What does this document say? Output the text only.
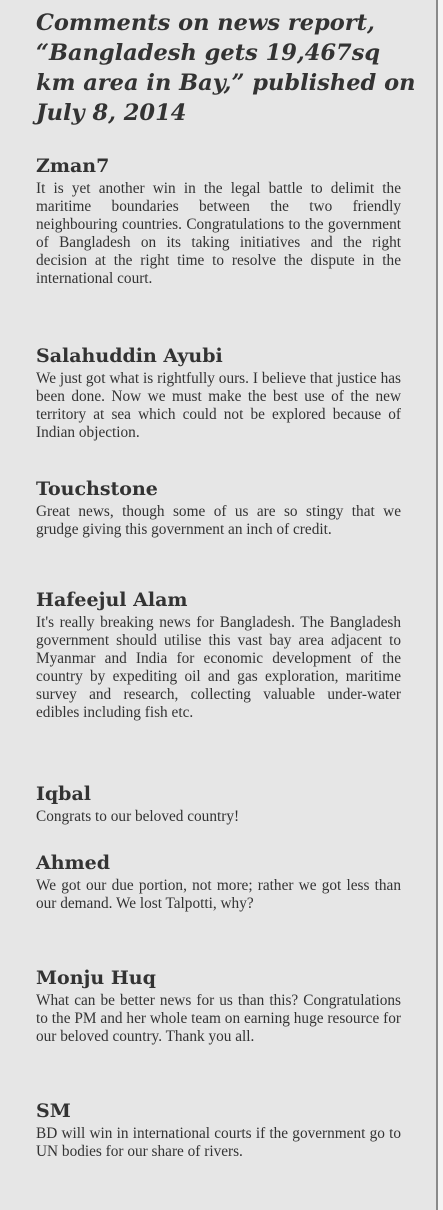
Comments on news report, “Bangladesh gets 19,467sq km area in Bay,” published on July 8, 2014
Zman7

It is yet another win in the legal battle to delimit the maritime boundaries between the two friendly neighbouring countries. Congratulations to the government of Bangladesh on its taking initiatives and the right decision at the right time to resolve the dispute in the international court.

Salahuddin Ayubi

We just got what is rightfully ours. I believe that justice has been done. Now we must make the best use of the new territory at sea which could not be explored because of Indian objection.

Touchstone

Great news, though some of us are so stingy that we grudge giving this government an inch of credit.

Hafeejul Alam

It's really breaking news for Bangladesh. The Bangladesh government should utilise this vast bay area adjacent to Myanmar and India for economic development of the country by expediting oil and gas exploration, maritime survey and research, collecting valuable under-water edibles including fish etc.

Iqbal

Congrats to our beloved country!

Ahmed

We got our due portion, not more; rather we got less than our demand. We lost Talpotti, why?

Monju Huq

What can be better news for us than this? Congratulations to the PM and her whole team on earning huge resource for our beloved country. Thank you all.

SM

BD will win in international courts if the government go to UN bodies for our share of rivers.
